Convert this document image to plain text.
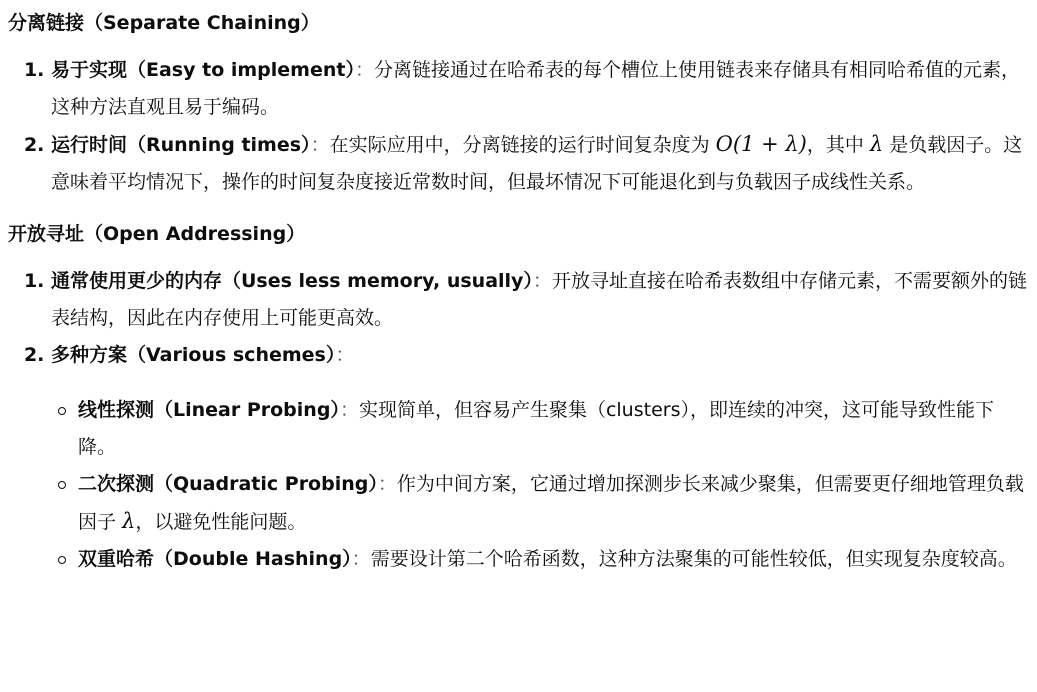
分离链接（Separate Chaining）
1. 易于实现（Easy to implement）：分离链接通过在哈希表的每个槽位上使用链表来存储具有相同哈希值的元素，这种方法直观且易于编码。
2. 运行时间（Running times）：在实际应用中，分离链接的运行时间复杂度为 O(1 + λ)，其中 λ 是负载因子。这意味着平均情况下，操作的时间复杂度接近常数时间，但最坏情况下可能退化到与负载因子成线性关系。
开放寻址（Open Addressing）
1. 通常使用更少的内存（Uses less memory, usually）：开放寻址直接在哈希表数组中存储元素，不需要额外的链表结构，因此在内存使用上可能更高效。
2. 多种方案（Various schemes）：
线性探测（Linear Probing）：实现简单，但容易产生聚集（clusters），即连续的冲突，这可能导致性能下降。
二次探测（Quadratic Probing）：作为中间方案，它通过增加探测步长来减少聚集，但需要更仔细地管理负载因子 λ，以避免性能问题。
双重哈希（Double Hashing）：需要设计第二个哈希函数，这种方法聚集的可能性较低，但实现复杂度较高。
